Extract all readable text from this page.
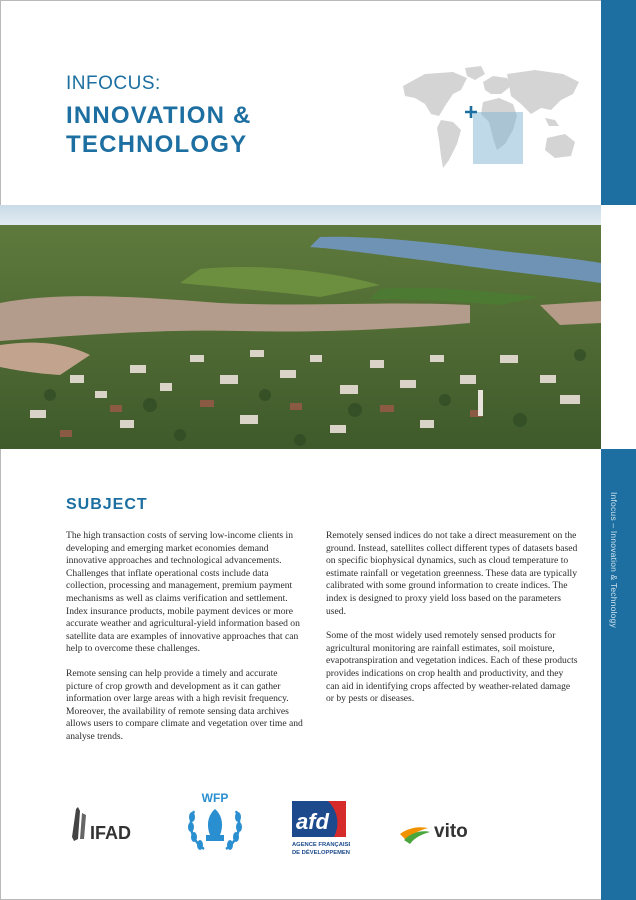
Infocus – Innovation & Technology
INFOCUS:
INNOVATION &
TECHNOLOGY
SUBJECT

The high transaction costs of serving low-income clients in developing and emerging market economies demand innovative approaches and technological advancements. Challenges that inflate operational costs include data collection, processing and management, premium payment mechanisms as well as claims verification and settlement. Index insurance products, mobile payment devices or more accurate weather and agricultural-yield information based on satellite data are examples of innovative approaches that can help to overcome these challenges.

Remote sensing can help provide a timely and accurate picture of crop growth and development as it can gather information over large areas with a high revisit frequency. Moreover, the availability of remote sensing data archives allows users to compare climate and vegetation over time and analyse trends.

Remotely sensed indices do not take a direct measurement on the ground. Instead, satellites collect different types of datasets based on specific biophysical dynamics, such as cloud temperature to estimate rainfall or vegetation greenness. These data are typically calibrated with some ground information to create indices. The index is designed to proxy yield loss based on the parameters used.

Some of the most widely used remotely sensed products for agricultural monitoring are rainfall estimates, soil moisture, evapotranspiration and vegetation indices. Each of these products provides indications on crop health and productivity, and they can aid in identifying crops affected by weather-related damage or by pests or diseases.

IFAD
WFP
afd
AGENCE FRANÇAISE
DE DÉVELOPPEMENT
vito
